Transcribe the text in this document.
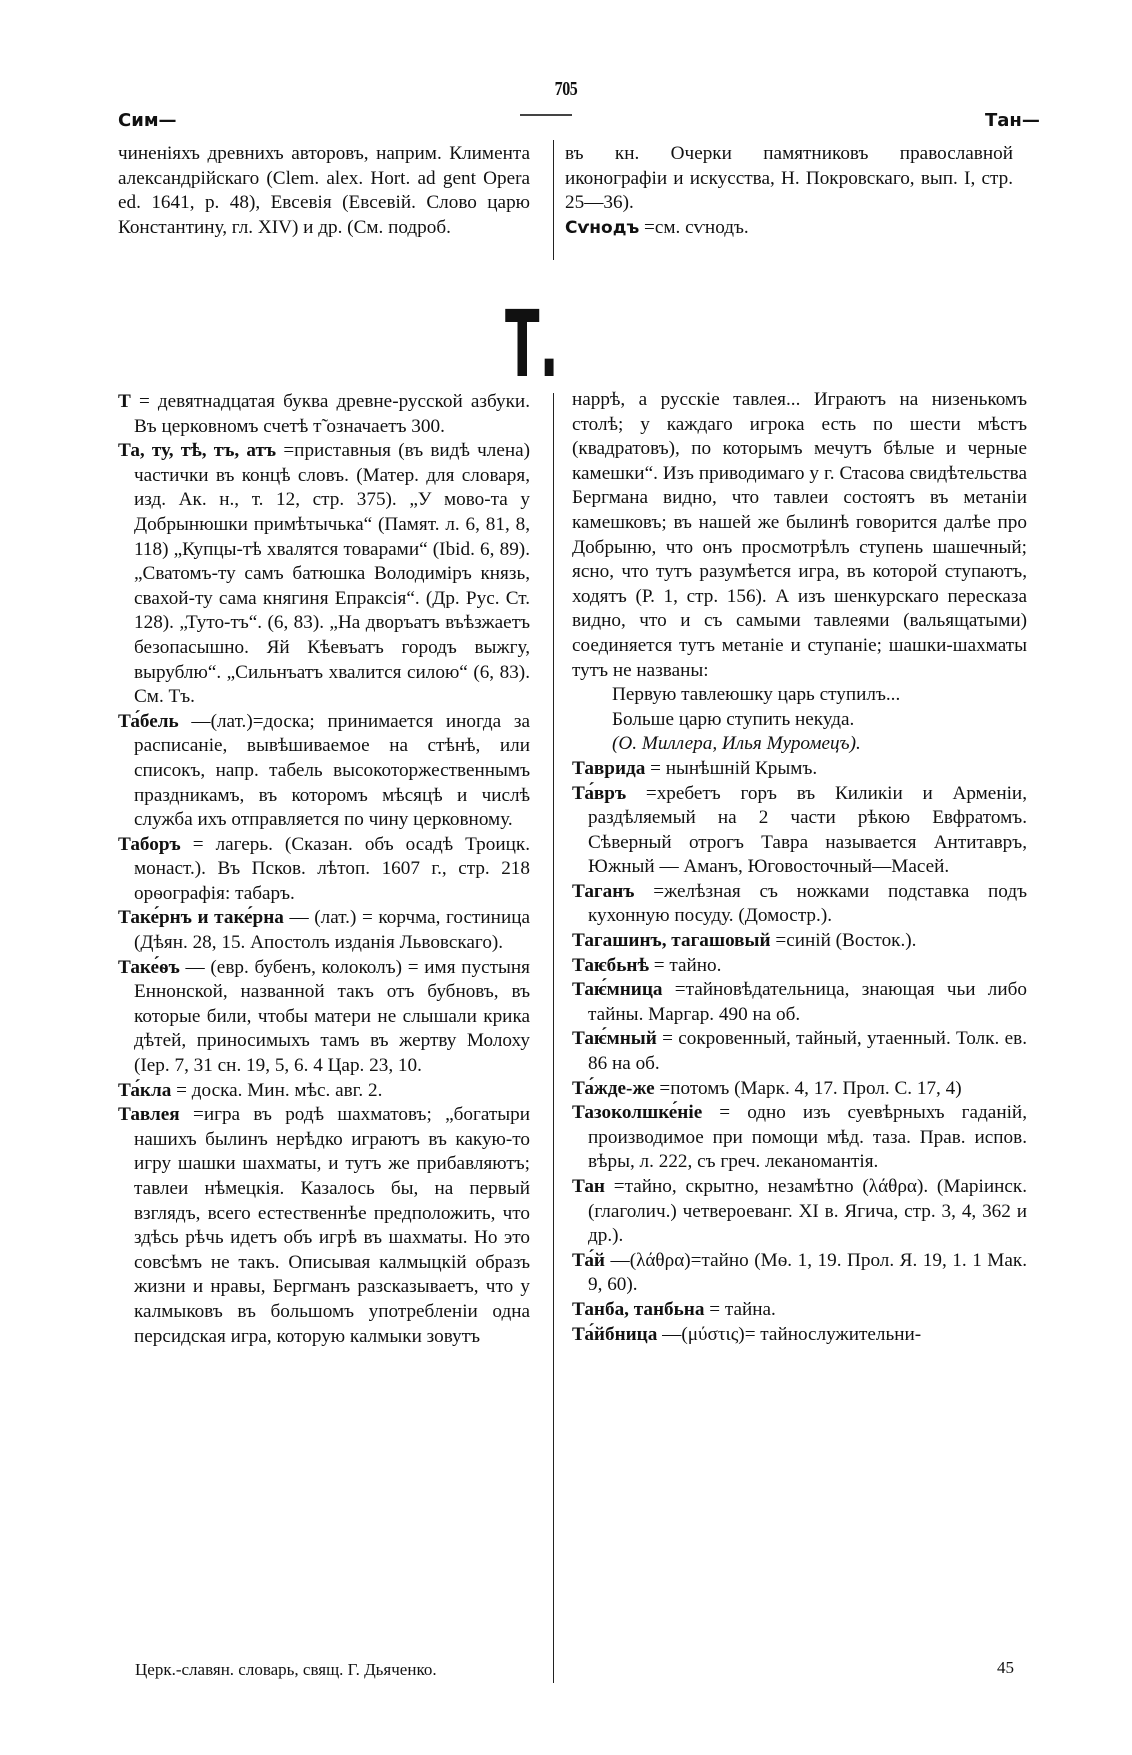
705
Сим—	Тан—

чиненіяхъ древнихъ авторовъ, наприм. Климента александрійскаго (Clem. alex. Hort. ad gent Opera ed. 1641, p. 48), Евсевія (Евсевій. Слово царю Константину, гл. XIV) и др. (См. подроб.

въ кн. Очерки памятниковъ православной иконографіи и искусства, Н. Покровскаго, вып. I, стр. 25—36).

Сѵнодъ =см. сѵнодъ.

Т.

Т = девятнадцатая буква древне-русской азбуки. Въ церковномъ счетѣ т̃ означаетъ 300.

Та, ту, тѣ, тъ, атъ =приставныя (въ видѣ члена) частички въ концѣ словъ. (Матер. для словаря, изд. Ак. н., т. 12, стр. 375). „У мово-та у Добрынюшки примѣтычька“ (Памят. л. 6, 81, 8, 118) „Купцы-тѣ хвалятся товарами“ (Ibid. 6, 89). „Сватомъ-ту самъ батюшка Володиміръ князь, свахой-ту сама княгиня Епраксія“. (Др. Рус. Ст. 128). „Туто-тъ“. (6, 83). „На дворъатъ въѣзжаетъ безопасышно. Яй Кѣевъатъ городъ выжгу, вырублю“. „Сильнъатъ хвалится силою“ (6, 83). См. Тъ.

Та́бель —(лат.)=доска; принимается иногда за расписаніе, вывѣшиваемое на стѣнѣ, или списокъ, напр. табель высокоторжественнымъ праздникамъ, въ которомъ мѣсяцѣ и числѣ служба ихъ отправляется по чину церковному.

Таборъ = лагерь. (Сказан. объ осадѣ Троицк. монаст.). Въ Псков. лѣтоп. 1607 г., стр. 218 орѳографія: табаръ.

Таке́рнъ и таке́рна — (лат.) = корчма, гостиница (Дѣян. 28, 15. Апостолъ изданія Львовскаго).

Таке́ѳъ — (евр. бубенъ, колоколъ) = имя пустыня Еннонской, названной такъ отъ бубновъ, въ которые били, чтобы матери не слышали крика дѣтей, приносимыхъ тамъ въ жертву Молоху (Іер. 7, 31 сн. 19, 5, 6. 4 Цар. 23, 10.

Та́кла = доска. Мин. мѣс. авг. 2.

Тавлея =игра въ родѣ шахматовъ; „богатыри нашихъ былинъ нерѣдко играютъ въ какую-то игру шашки шахматы, и тутъ же прибавляютъ; тавлеи нѣмецкія. Казалось бы, на первый взглядъ, всего естественнѣе предположить, что здѣсь рѣчь идетъ объ игрѣ въ шахматы. Но это совсѣмъ не такъ. Описывая калмыцкій образъ жизни и нравы, Бергманъ разсказываетъ, что у калмыковъ въ большомъ употребленіи одна персидская игра, которую калмыки зовутъ

наррѣ, а русскіе тавлея... Играютъ на низенькомъ столѣ; у каждаго игрока есть по шести мѣстъ (квадратовъ), по которымъ мечутъ бѣлые и черные камешки“. Изъ приводимаго у г. Стасова свидѣтельства Бергмана видно, что тавлеи состоятъ въ метаніи камешковъ; въ нашей же былинѣ говорится далѣе про Добрыню, что онъ просмотрѣлъ ступень шашечный; ясно, что тутъ разумѣется игра, въ которой ступаютъ, ходятъ (Р. 1, стр. 156). А изъ шенкурскаго пересказа видно, что и съ самыми тавлеями (вальящатыми) соединяется тутъ метаніе и ступаніе; шашки-шахматы тутъ не названы:

Первую тавлеюшку царь ступилъ...

Больше царю ступить некуда.

(О. Миллера, Илья Муромецъ).

Таврида = нынѣшній Крымъ.

Та́връ =хребетъ горъ въ Киликіи и Арменіи, раздѣляемый на 2 части рѣкою Евфратомъ. Сѣверный отрогъ Тавра называется Антитавръ, Южный — Аманъ, Юговосточный—Масей.

Таганъ =желѣзная съ ножками подставка подъ кухонную посуду. (Домостр.).

Тагашинъ, тагашовый =синій (Восток.).

Таѥбьнѣ = тайно.

Таѥ́мница =тайновѣдательница, знающая чьи либо тайны. Маргар. 490 на об.

Таѥ́мный = сокровенный, тайный, утаенный. Толк. ев. 86 на об.

Та́жде-же =потомъ (Марк. 4, 17. Прол. С. 17, 4)

Тазоколшке́ніе = одно изъ суевѣрныхъ гаданій, производимое при помощи мѣд. таза. Прав. испов. вѣры, л. 222, съ греч. леканомантія.

Тан =тайно, скрытно, незамѣтно (λάθρα). (Маріинск. (глаголич.) четвероеванг. XI в. Ягича, стр. 3, 4, 362 и др.).

Та́й —(λάθρα)=тайно (Мѳ. 1, 19. Прол. Я. 19, 1. 1 Мак. 9, 60).

Танба, танбьна = тайна.

Та́йбница —(μύστις)= тайнослужительни-

Церк.-славян. словарь, свящ. Г. Дьяченко.	45
